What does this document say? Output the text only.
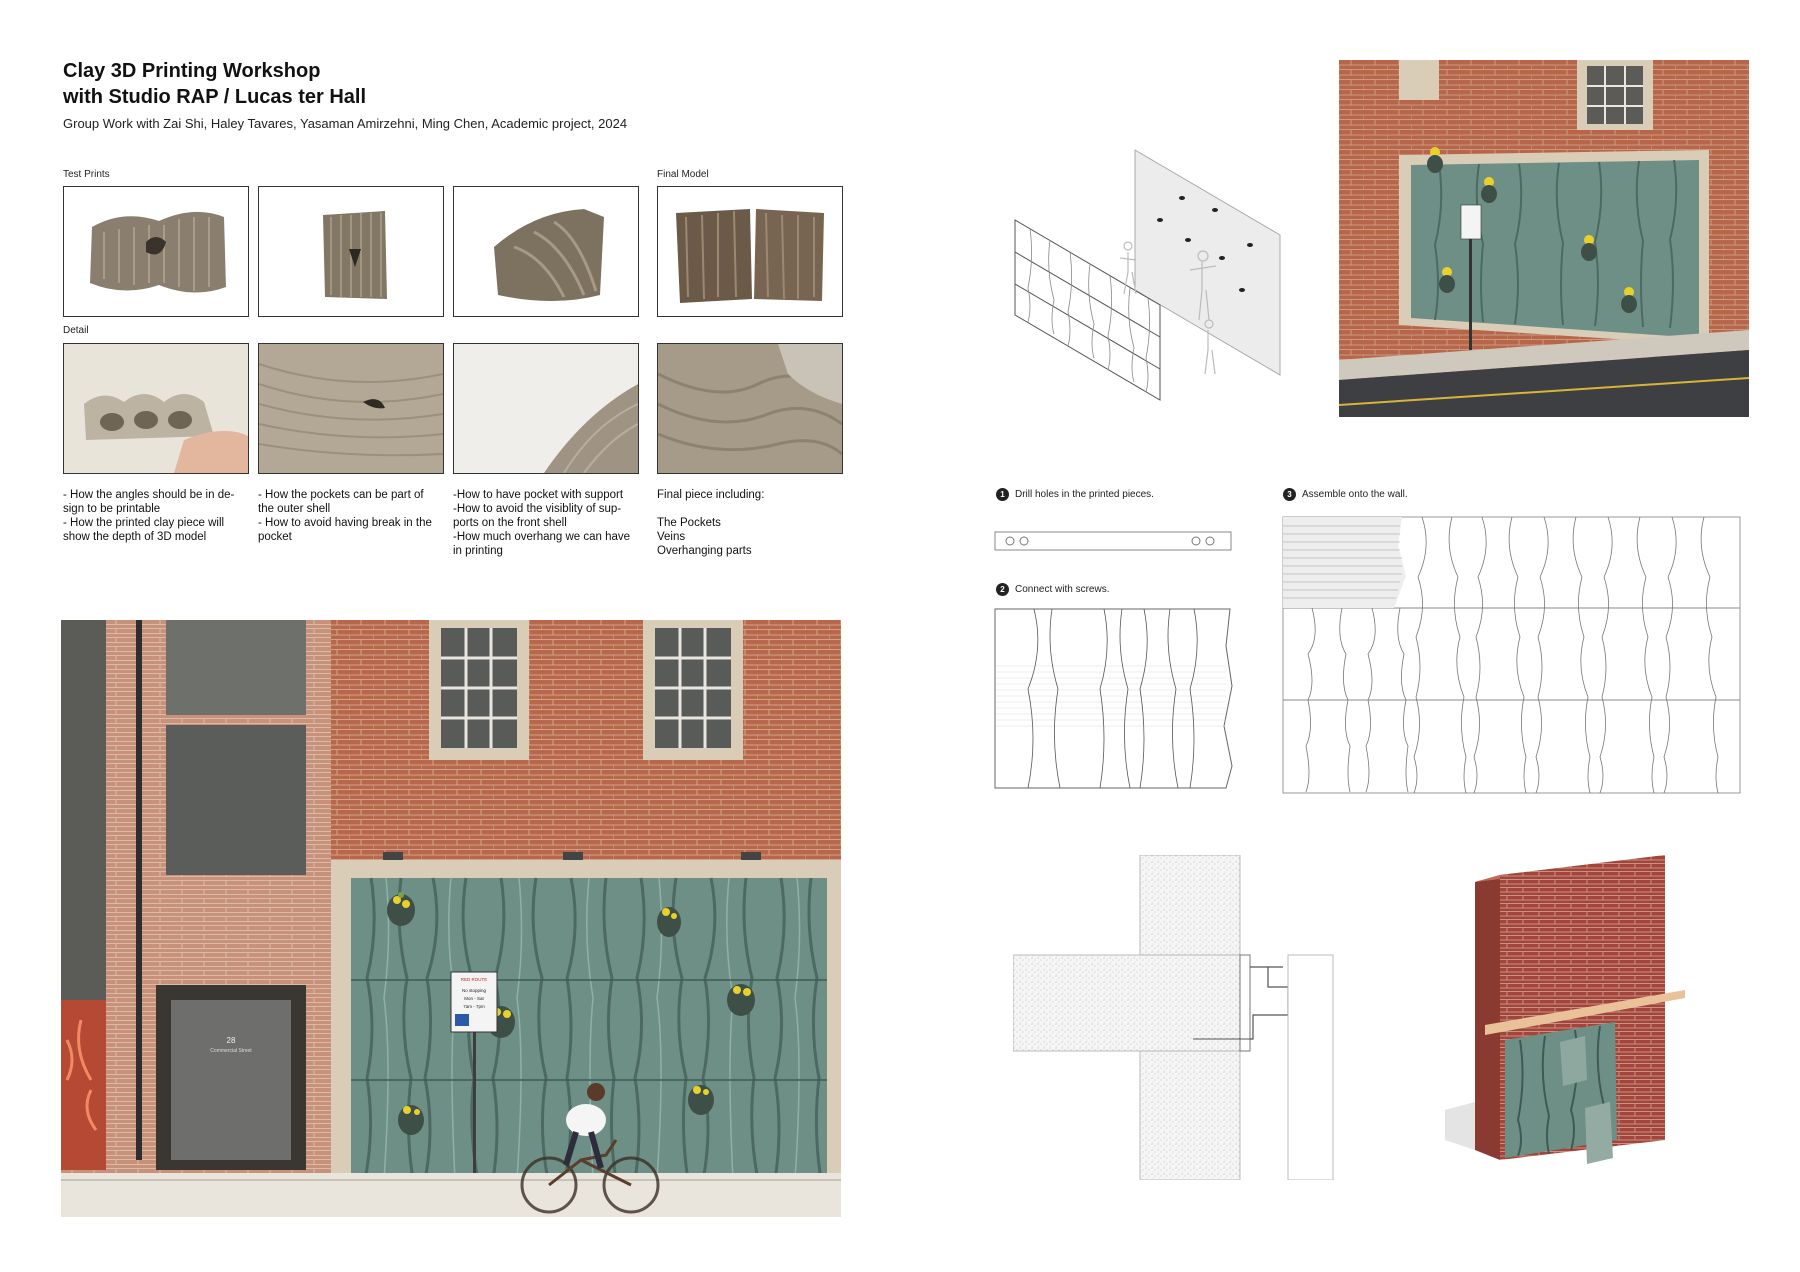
Clay 3D Printing Workshop
with Studio RAP / Lucas ter Hall
Group Work with Zai Shi, Haley Tavares, Yasaman Amirzehni, Ming Chen, Academic project, 2024
Test Prints	Final Model
Detail
- How the angles should be in de-
sign to be printable
- How the printed clay piece will
show the depth of 3D model
- How the pockets can be part of
the outer shell
- How to avoid having break in the
pocket
-How to have pocket with support
-How to avoid the visiblity of sup-
ports on the front shell
-How much overhang we can have
in printing
Final piece including:
The Pockets
Veins
Overhanging parts
28
Commercial Street
RED ROUTE
No stopping
Mon - Sat
7am - 7pm
1	Drill holes in the printed pieces.	3	Assemble onto the wall.
2	Connect with screws.
